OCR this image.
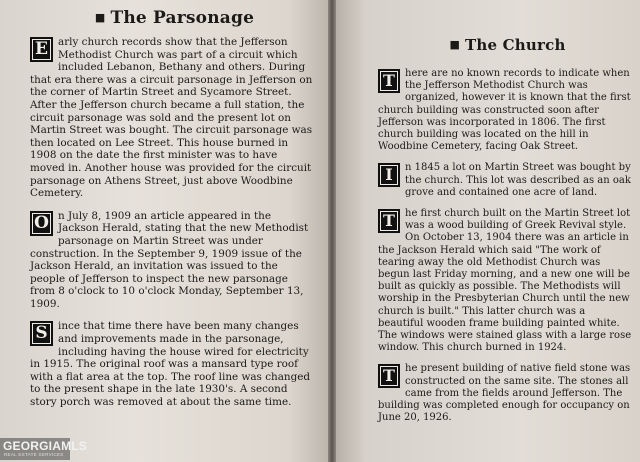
■ The Parsonage

E arly church records show that the Jefferson Methodist Church was part of a circuit which included Lebanon, Bethany and others. During that era there was a circuit parsonage in Jefferson on the corner of Martin Street and Sycamore Street. After the Jefferson church became a full station, the circuit parsonage was sold and the present lot on Martin Street was bought. The circuit parsonage was then located on Lee Street. This house burned in 1908 on the date the first minister was to have moved in. Another house was provided for the circuit parsonage on Athens Street, just above Woodbine Cemetery.

O n July 8, 1909 an article appeared in the Jackson Herald, stating that the new Methodist parsonage on Martin Street was under construction. In the September 9, 1909 issue of the Jackson Herald, an invitation was issued to the people of Jefferson to inspect the new parsonage from 8 o'clock to 10 o'clock Monday, September 13, 1909.

S ince that time there have been many changes and improvements made in the parsonage, including having the house wired for electricity in 1915. The original roof was a mansard type roof with a flat area at the top. The roof line was changed to the present shape in the late 1930's. A second story porch was removed at about the same time.

■ The Church

T	here are no known records to indicate when the Jefferson Methodist Church was organized, however it is known that the first church building was constructed soon after Jefferson was incorporated in 1806. The first church building was located on the hill in Woodbine Cemetery, facing Oak Street.

I	n 1845 a lot on Martin Street was bought by the church. This lot was described as an oak grove and contained one acre of land.

T	he first church built on the Martin Street lot was a wood building of Greek Revival style. On October 13, 1904 there was an article in the Jackson Herald which said "The work of tearing away the old Methodist Church was begun last Friday morning, and a new one will be built as quickly as possible. The Methodists will worship in the Presbyterian Church until the new church is built." This latter church was a beautiful wooden frame building painted white. The windows were stained glass with a large rose window. This church burned in 1924.

T	he present building of native field stone was constructed on the same site. The stones all came from the fields around Jefferson. The building was completed enough for occupancy on June 20, 1926.

GEORGIAMLS
REAL ESTATE SERVICES
